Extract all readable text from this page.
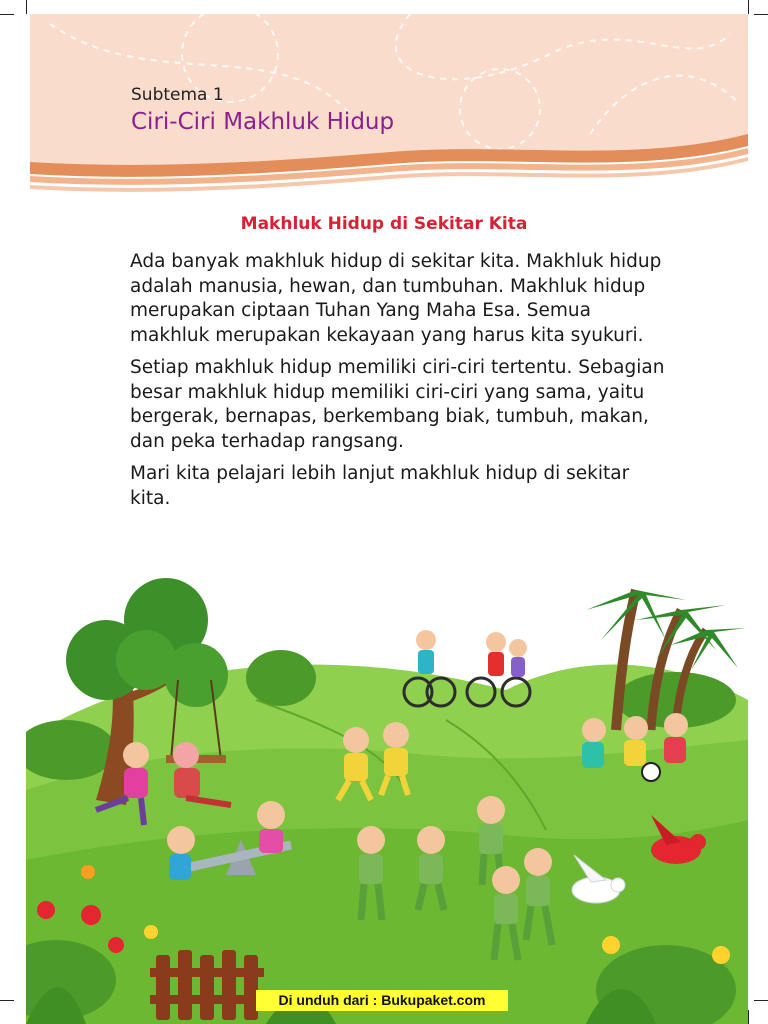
Subtema 1
Ciri-Ciri Makhluk Hidup
Makhluk Hidup di Sekitar Kita

Ada banyak makhluk hidup di sekitar kita. Makhluk hidup adalah manusia, hewan, dan tumbuhan. Makhluk hidup merupakan ciptaan Tuhan Yang Maha Esa. Semua makhluk merupakan kekayaan yang harus kita syukuri.

Setiap makhluk hidup memiliki ciri-ciri tertentu. Sebagian besar makhluk hidup memiliki ciri-ciri yang sama, yaitu bergerak, bernapas, berkembang biak, tumbuh, makan, dan peka terhadap rangsang.

Mari kita pelajari lebih lanjut makhluk hidup di sekitar kita.

Di unduh dari : Bukupaket.com
